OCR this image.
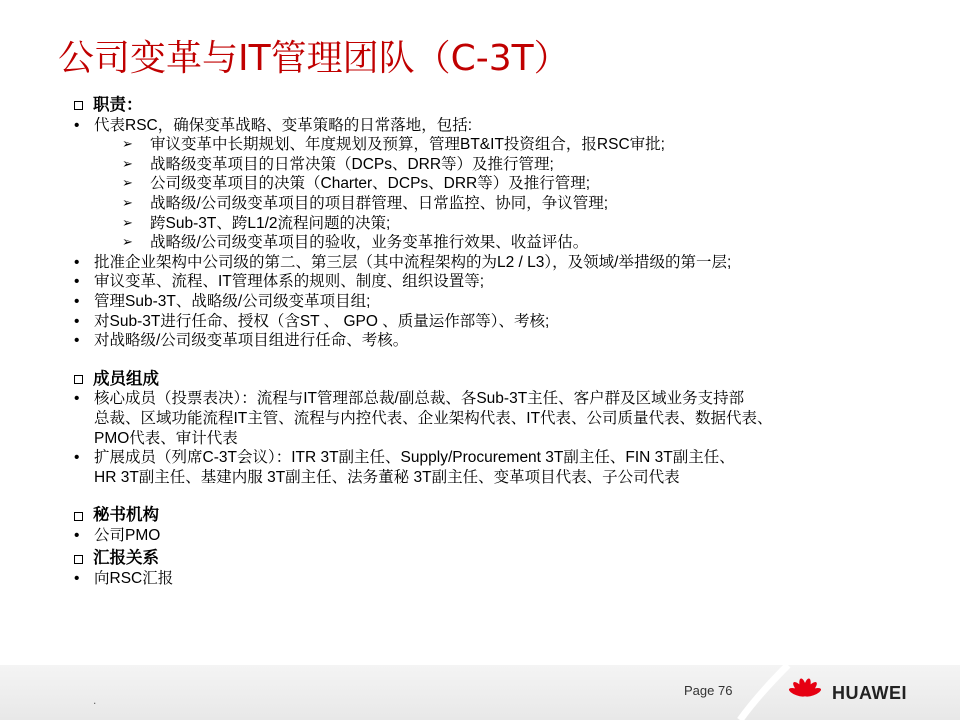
公司变革与IT管理团队（C-3T）
职责：
• 代表RSC，确保变革战略、变革策略的日常落地，包括:
➢ 审议变革中长期规划、年度规划及预算，管理BT&IT投资组合，报RSC审批;
➢ 战略级变革项目的日常决策（DCPs、DRR等）及推行管理;
➢ 公司级变革项目的决策（Charter、DCPs、DRR等）及推行管理;
➢ 战略级/公司级变革项目的项目群管理、日常监控、协同，争议管理;
➢ 跨Sub-3T、跨L1/2流程问题的决策;
➢ 战略级/公司级变革项目的验收，业务变革推行效果、收益评估。
• 批准企业架构中公司级的第二、第三层（其中流程架构的为L2 / L3），及领域/举措级的第一层;
• 审议变革、流程、IT管理体系的规则、制度、组织设置等;
• 管理Sub-3T、战略级/公司级变革项目组;
• 对Sub-3T进行任命、授权（含ST 、 GPO 、质量运作部等）、考核;
• 对战略级/公司级变革项目组进行任命、考核。
成员组成
• 核心成员（投票表决）：流程与IT管理部总裁/副总裁、各Sub-3T主任、客户群及区域业务支持部
总裁、区域功能流程IT主管、流程与内控代表、企业架构代表、IT代表、公司质量代表、数据代表、
PMO代表、审计代表
• 扩展成员（列席C-3T会议）：ITR 3T副主任、Supply/Procurement 3T副主任、FIN 3T副主任、
HR 3T副主任、基建内服 3T副主任、法务董秘 3T副主任、变革项目代表、子公司代表
秘书机构
• 公司PMO
汇报关系
• 向RSC汇报
.
Page 76	HUAWEI
